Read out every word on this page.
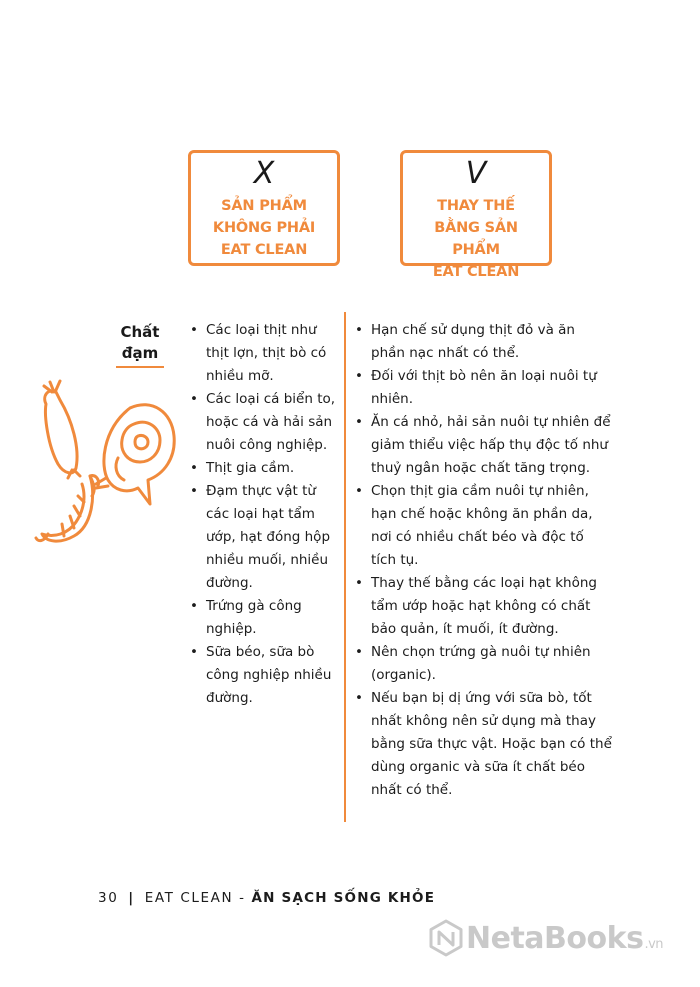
X
SẢN PHẨM
KHÔNG PHẢI
EAT CLEAN
V
THAY THẾ
BẰNG SẢN PHẨM
EAT CLEAN
Chất
đạm
• Các loại thịt như thịt lợn, thịt bò có nhiều mỡ.
• Các loại cá biển to, hoặc cá và hải sản nuôi công nghiệp.
• Thịt gia cầm.
• Đạm thực vật từ các loại hạt tẩm ướp, hạt đóng hộp nhiều muối, nhiều đường.
• Trứng gà công nghiệp.
• Sữa béo, sữa bò công nghiệp nhiều đường.
• Hạn chế sử dụng thịt đỏ và ăn phần nạc nhất có thể.
• Đối với thịt bò nên ăn loại nuôi tự nhiên.
• Ăn cá nhỏ, hải sản nuôi tự nhiên để giảm thiểu việc hấp thụ độc tố như thuỷ ngân hoặc chất tăng trọng.
• Chọn thịt gia cầm nuôi tự nhiên, hạn chế hoặc không ăn phần da, nơi có nhiều chất béo và độc tố tích tụ.
• Thay thế bằng các loại hạt không tẩm ướp hoặc hạt không có chất bảo quản, ít muối, ít đường.
• Nên chọn trứng gà nuôi tự nhiên (organic).
• Nếu bạn bị dị ứng với sữa bò, tốt nhất không nên sử dụng mà thay bằng sữa thực vật. Hoặc bạn có thể dùng organic và sữa ít chất béo nhất có thể.
30 | EAT CLEAN - ĂN SẠCH SỐNG KHỎE
NetaBooks .vn
